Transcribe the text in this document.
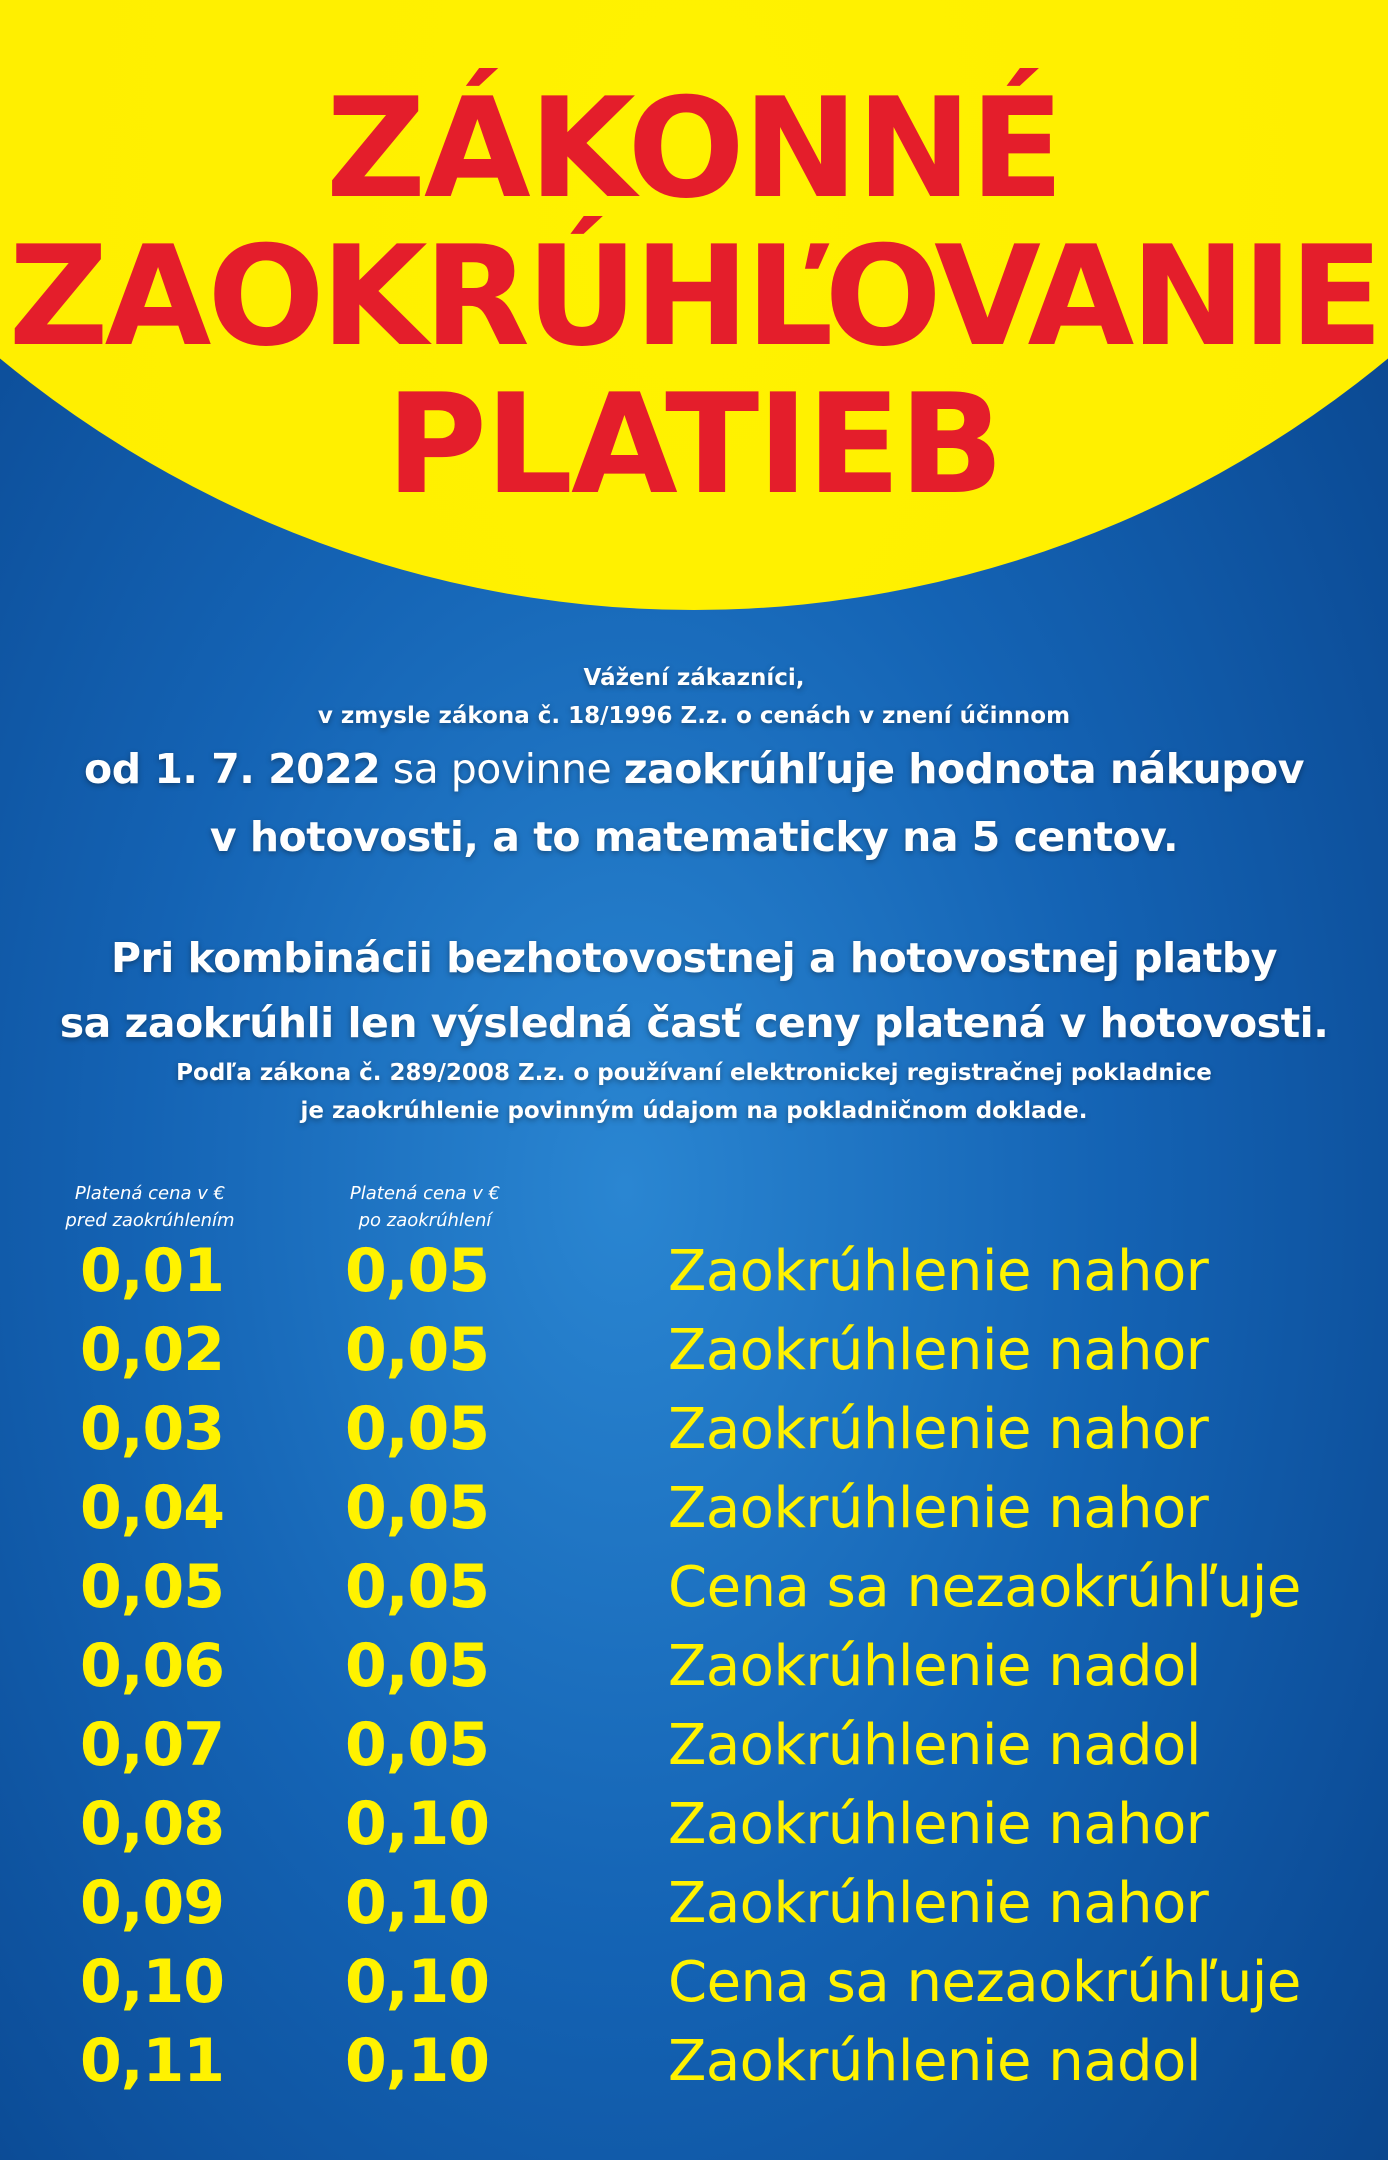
ZÁKONNÉ
ZAOKRÚHĽOVANIE
PLATIEB
Vážení zákazníci,
v zmysle zákona č. 18/1996 Z.z. o cenách v znení účinnom
od 1. 7. 2022 sa povinne zaokrúhľuje hodnota nákupov
v hotovosti, a to matematicky na 5 centov.
Pri kombinácii bezhotovostnej a hotovostnej platby
sa zaokrúhli len výsledná časť ceny platená v hotovosti.
Podľa zákona č. 289/2008 Z.z. o používaní elektronickej registračnej pokladnice
je zaokrúhlenie povinným údajom na pokladničnom doklade.
Platená cena v €
pred zaokrúhlením
Platená cena v €
po zaokrúhlení
0,01 0,05	Zaokrúhlenie nahor
0,02 0,05	Zaokrúhlenie nahor
0,03 0,05	Zaokrúhlenie nahor
0,04 0,05	Zaokrúhlenie nahor
0,05 0,05	Cena sa nezaokrúhľuje
0,06 0,05	Zaokrúhlenie nadol
0,07 0,05	Zaokrúhlenie nadol
0,08 0,10	Zaokrúhlenie nahor
0,09 0,10	Zaokrúhlenie nahor
0,10 0,10	Cena sa nezaokrúhľuje
0,11 0,10	Zaokrúhlenie nadol
